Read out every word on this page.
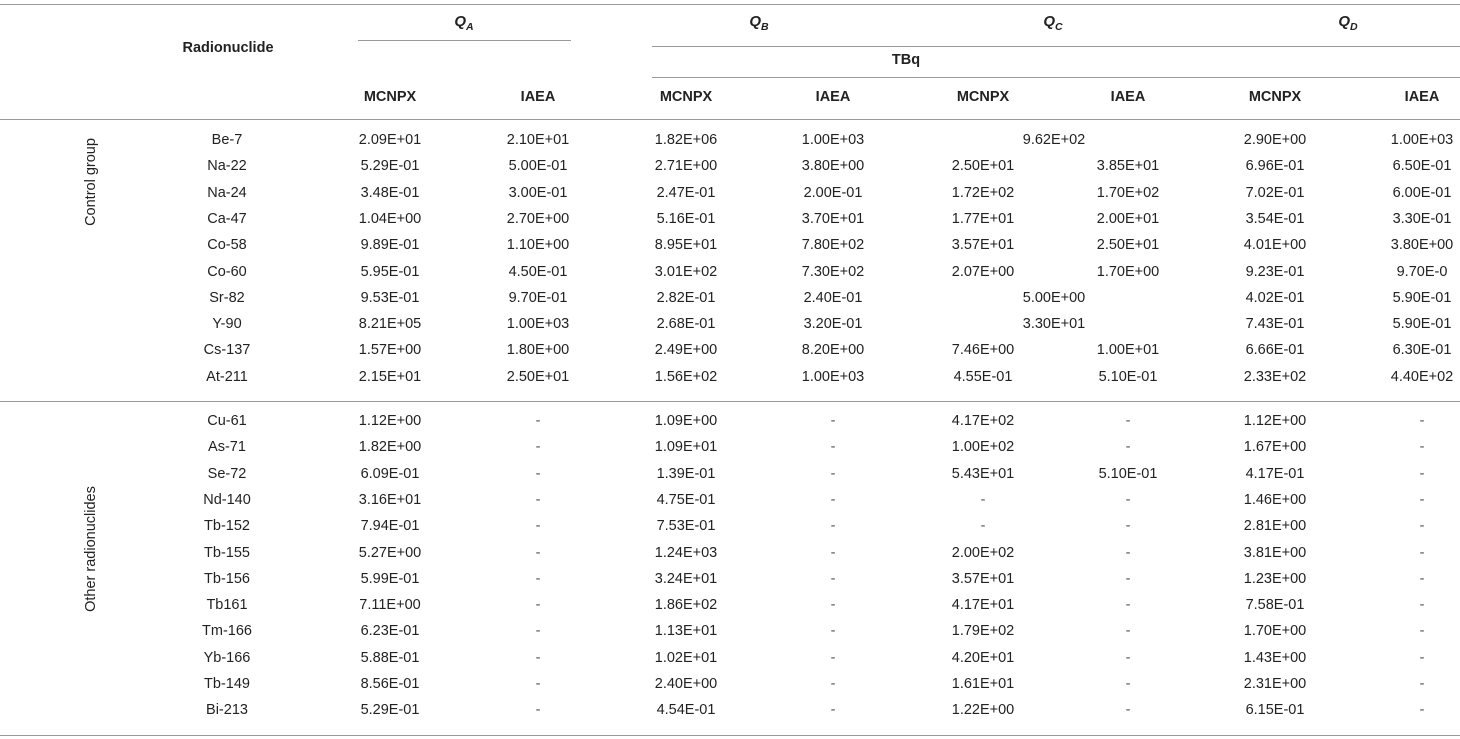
Radionuclide
$Q_A$	$Q_B$	$Q_C$	$Q_D$
TBq
MCNPX	IAEA	MCNPX	IAEA	MCNPX	IAEA	MCNPX	IAEA
Control group
Other radionuclides
Be-7	2.09E+01	2.10E+01	1.82E+06	1.00E+03	9.62E+02	2.90E+00	1.00E+03
Na-22	5.29E-01	5.00E-01	2.71E+00	3.80E+00	2.50E+01	3.85E+01	6.96E-01	6.50E-01
Na-24	3.48E-01	3.00E-01	2.47E-01	2.00E-01	1.72E+02	1.70E+02	7.02E-01	6.00E-01
Ca-47	1.04E+00	2.70E+00	5.16E-01	3.70E+01	1.77E+01	2.00E+01	3.54E-01	3.30E-01
Co-58	9.89E-01	1.10E+00	8.95E+01	7.80E+02	3.57E+01	2.50E+01	4.01E+00	3.80E+00
Co-60	5.95E-01	4.50E-01	3.01E+02	7.30E+02	2.07E+00	1.70E+00	9.23E-01	9.70E-0
Sr-82	9.53E-01	9.70E-01	2.82E-01	2.40E-01	5.00E+00	4.02E-01	5.90E-01
Y-90	8.21E+05	1.00E+03	2.68E-01	3.20E-01	3.30E+01	7.43E-01	5.90E-01
Cs-137	1.57E+00	1.80E+00	2.49E+00	8.20E+00	7.46E+00	1.00E+01	6.66E-01	6.30E-01
At-211	2.15E+01	2.50E+01	1.56E+02	1.00E+03	4.55E-01	5.10E-01	2.33E+02	4.40E+02
Cu-61	1.12E+00	-	1.09E+00	-	4.17E+02	-	1.12E+00	-
As-71	1.82E+00	-	1.09E+01	-	1.00E+02	-	1.67E+00	-
Se-72	6.09E-01	-	1.39E-01	-	5.43E+01	5.10E-01	4.17E-01	-
Nd-140	3.16E+01	-	4.75E-01	-	-	-	1.46E+00	-
Tb-152	7.94E-01	-	7.53E-01	-	-	-	2.81E+00	-
Tb-155	5.27E+00	-	1.24E+03	-	2.00E+02	-	3.81E+00	-
Tb-156	5.99E-01	-	3.24E+01	-	3.57E+01	-	1.23E+00	-
Tb161	7.11E+00	-	1.86E+02	-	4.17E+01	-	7.58E-01	-
Tm-166	6.23E-01	-	1.13E+01	-	1.79E+02	-	1.70E+00	-
Yb-166	5.88E-01	-	1.02E+01	-	4.20E+01	-	1.43E+00	-
Tb-149	8.56E-01	-	2.40E+00	-	1.61E+01	-	2.31E+00	-
Bi-213	5.29E-01	-	4.54E-01	-	1.22E+00	-	6.15E-01	-
